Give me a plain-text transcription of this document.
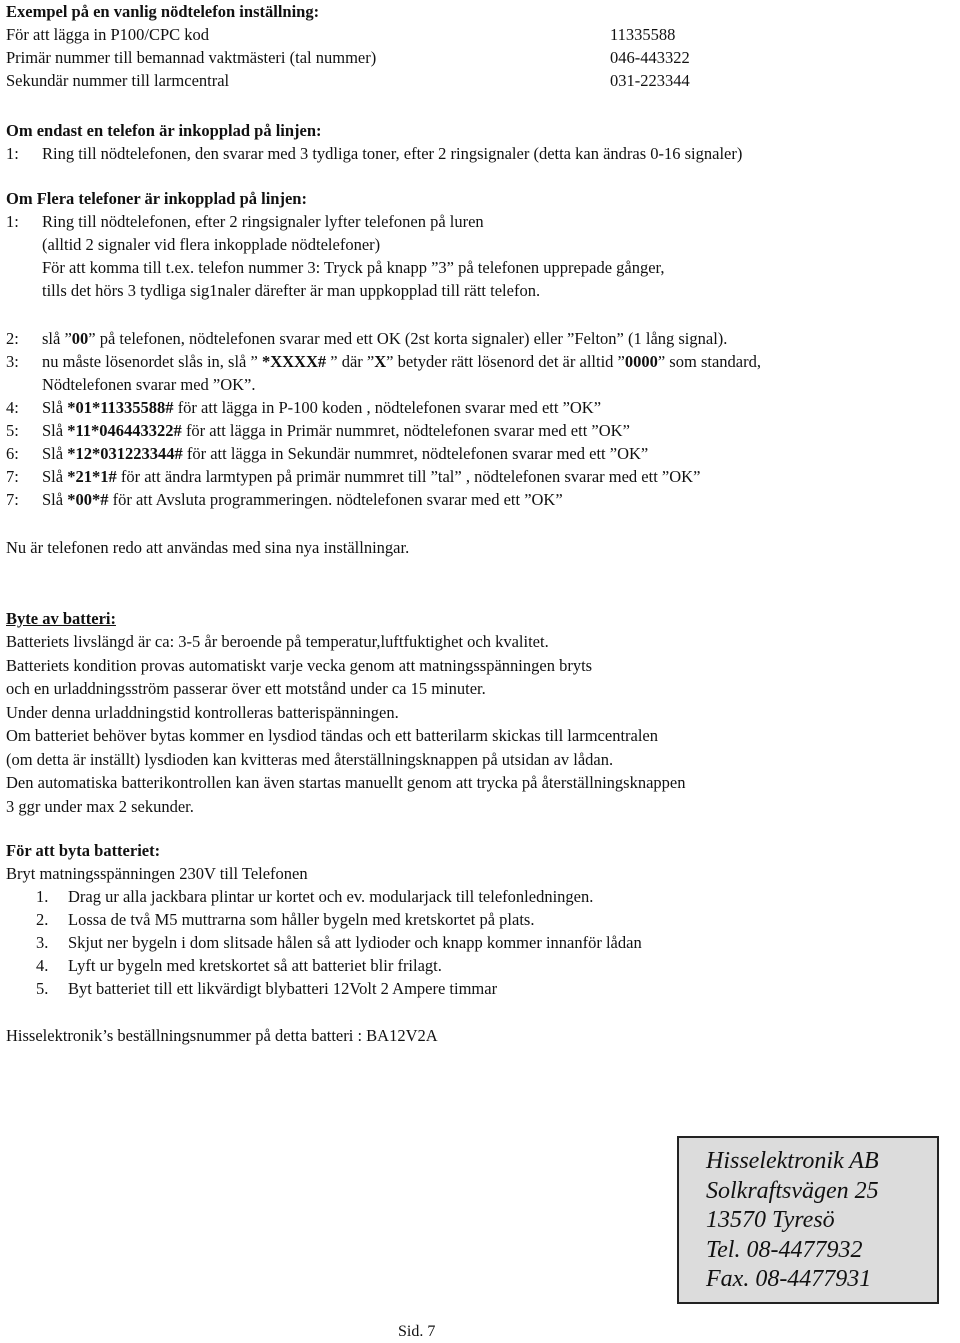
Exempel på en vanlig nödtelefon inställning:
För att lägga in P100/CPC kod	11335588
Primär nummer till bemannad vaktmästeri (tal nummer)	046-443322
Sekundär nummer till larmcentral	031-223344
Om endast en telefon är inkopplad på linjen:
1: Ring till nödtelefonen, den svarar med 3 tydliga toner, efter 2 ringsignaler (detta kan ändras 0-16 signaler)
Om Flera telefoner är inkopplad på linjen:
1: Ring till nödtelefonen, efter 2 ringsignaler lyfter telefonen på luren
(alltid 2 signaler vid flera inkopplade nödtelefoner)
För att komma till t.ex. telefon nummer 3: Tryck på knapp ”3” på telefonen upprepade gånger,
tills det hörs 3 tydliga sig1naler därefter är man uppkopplad till rätt telefon.
2: slå ”00” på telefonen, nödtelefonen svarar med ett OK (2st korta signaler) eller ”Felton” (1 lång signal).
3: nu måste lösenordet slås in, slå ” *XXXX# ” där ”X” betyder rätt lösenord det är alltid ”0000” som standard,
Nödtelefonen svarar med ”OK”.
4: Slå *01*11335588# för att lägga in P-100 koden , nödtelefonen svarar med ett ”OK”
5: Slå *11*046443322# för att lägga in Primär nummret, nödtelefonen svarar med ett ”OK”
6: Slå *12*031223344# för att lägga in Sekundär nummret, nödtelefonen svarar med ett ”OK”
7: Slå *21*1# för att ändra larmtypen på primär nummret till ”tal” , nödtelefonen svarar med ett ”OK”
7: Slå *00*# för att Avsluta programmeringen. nödtelefonen svarar med ett ”OK”
Nu är telefonen redo att användas med sina nya inställningar.
Byte av batteri:
Batteriets livslängd är ca: 3-5 år beroende på temperatur,luftfuktighet och kvalitet.
Batteriets kondition provas automatiskt varje vecka genom att matningsspänningen bryts
och en urladdningsström passerar över ett motstånd under ca 15 minuter.
Under denna urladdningstid kontrolleras batterispänningen.
Om batteriet behöver bytas kommer en lysdiod tändas och ett batterilarm skickas till larmcentralen
(om detta är inställt) lysdioden kan kvitteras med återställningsknappen på utsidan av lådan.
Den automatiska batterikontrollen kan även startas manuellt genom att trycka på återställningsknappen
3 ggr under max 2 sekunder.
För att byta batteriet:
Bryt matningsspänningen 230V till Telefonen
1. Drag ur alla jackbara plintar ur kortet och ev. modularjack till telefonledningen.
2. Lossa de två M5 muttrarna som håller bygeln med kretskortet på plats.
3. Skjut ner bygeln i dom slitsade hålen så att lydioder och knapp kommer innanför lådan
4. Lyft ur bygeln med kretskortet så att batteriet blir frilagt.
5. Byt batteriet till ett likvärdigt blybatteri 12Volt 2 Ampere timmar
Hisselektronik’s beställningsnummer på detta batteri : BA12V2A
Hisselektronik AB
Solkraftsvägen 25
13570 Tyresö
Tel. 08-4477932
Fax. 08-4477931
Sid. 7
